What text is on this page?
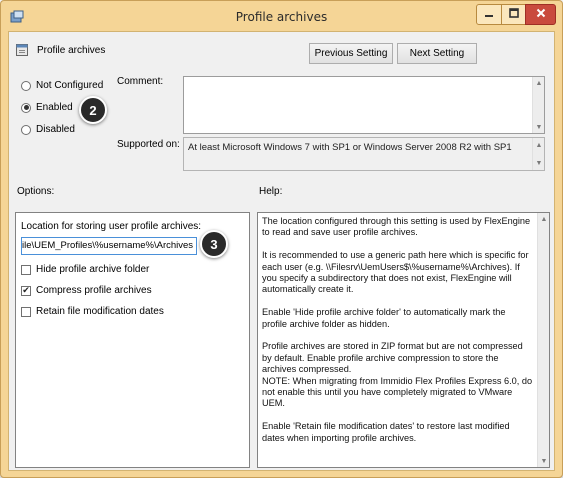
Profile archives
Profile archives	Previous Setting	Next Setting
Not Configured
Enabled
Disabled
2
Comment:	▲
▼
Supported on: At least Microsoft Windows 7 with SP1 or Windows Server 2008 R2 with SP1	▲
▼
Options:	Help:
Location for storing user profile archives:
ile\UEM_Profiles\%username%\Archives
Hide profile archive folder
✔ Compress profile archives
Retain file modification dates
3

The location configured through this setting is used by FlexEngine to read and save user profile archives.

It is recommended to use a generic path here which is specific for each user (e.g. \\Filesrv\UemUsers$\%username%\Archives). If you specify a subdirectory that does not exist, FlexEngine will automatically create it.

Enable 'Hide profile archive folder' to automatically mark the profile archive folder as hidden.

Profile archives are stored in ZIP format but are not compressed by default. Enable profile archive compression to store the archives compressed.
NOTE: When migrating from Immidio Flex Profiles Express 6.0, do not enable this until you have completely migrated to VMware UEM.

Enable 'Retain file modification dates' to restore last modified dates when importing profile archives.

▲
▼
